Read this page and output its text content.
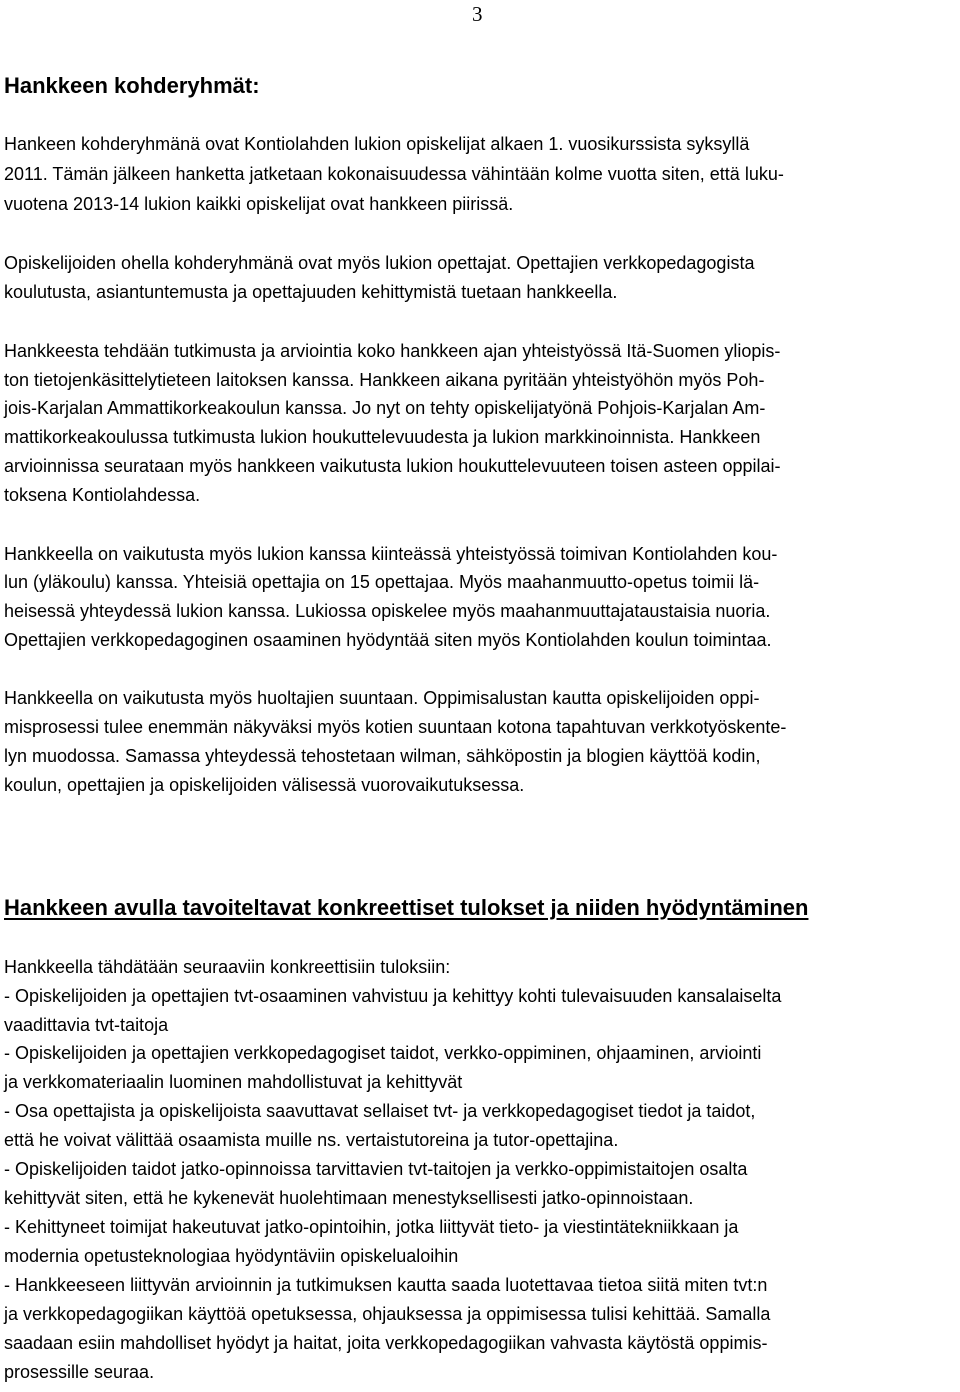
3
Hankkeen kohderyhmät:
Hankeen kohderyhmänä ovat Kontiolahden lukion opiskelijat alkaen 1. vuosikurssista syksyllä
2011. Tämän jälkeen hanketta jatketaan kokonaisuudessa vähintään kolme vuotta siten, että luku-
vuotena 2013-14 lukion kaikki opiskelijat ovat hankkeen piirissä.
Opiskelijoiden ohella kohderyhmänä ovat myös lukion opettajat. Opettajien verkkopedagogista
koulutusta, asiantuntemusta ja opettajuuden kehittymistä tuetaan hankkeella.
Hankkeesta tehdään tutkimusta ja arviointia koko hankkeen ajan yhteistyössä Itä-Suomen yliopis-
ton tietojenkäsittelytieteen laitoksen kanssa. Hankkeen aikana pyritään yhteistyöhön myös Poh-
jois-Karjalan Ammattikorkeakoulun kanssa. Jo nyt on tehty opiskelijatyönä Pohjois-Karjalan Am-
mattikorkeakoulussa tutkimusta lukion houkuttelevuudesta ja lukion markkinoinnista. Hankkeen
arvioinnissa seurataan myös hankkeen vaikutusta lukion houkuttelevuuteen toisen asteen oppilai-
toksena Kontiolahdessa.
Hankkeella on vaikutusta myös lukion kanssa kiinteässä yhteistyössä toimivan Kontiolahden kou-
lun (yläkoulu) kanssa. Yhteisiä opettajia on 15 opettajaa. Myös maahanmuutto-opetus toimii lä-
heisessä yhteydessä lukion kanssa. Lukiossa opiskelee myös maahanmuuttajataustaisia nuoria.
Opettajien verkkopedagoginen osaaminen hyödyntää siten myös Kontiolahden koulun toimintaa.
Hankkeella on vaikutusta myös huoltajien suuntaan. Oppimisalustan kautta opiskelijoiden oppi-
misprosessi tulee enemmän näkyväksi myös kotien suuntaan kotona tapahtuvan verkkotyöskente-
lyn muodossa. Samassa yhteydessä tehostetaan wilman, sähköpostin ja blogien käyttöä kodin,
koulun, opettajien ja opiskelijoiden välisessä vuorovaikutuksessa.
Hankkeen avulla tavoiteltavat konkreettiset tulokset ja niiden hyödyntäminen
Hankkeella tähdätään seuraaviin konkreettisiin tuloksiin:
- Opiskelijoiden ja opettajien tvt-osaaminen vahvistuu ja kehittyy kohti tulevaisuuden kansalaiselta
vaadittavia tvt-taitoja
- Opiskelijoiden ja opettajien verkkopedagogiset taidot, verkko-oppiminen, ohjaaminen, arviointi
ja verkkomateriaalin luominen mahdollistuvat ja kehittyvät
- Osa opettajista ja opiskelijoista saavuttavat sellaiset tvt- ja verkkopedagogiset tiedot ja taidot,
että he voivat välittää osaamista muille ns. vertaistutoreina ja tutor-opettajina.
- Opiskelijoiden taidot jatko-opinnoissa tarvittavien tvt-taitojen ja verkko-oppimistaitojen osalta
kehittyvät siten, että he kykenevät huolehtimaan menestyksellisesti jatko-opinnoistaan.
- Kehittyneet toimijat hakeutuvat jatko-opintoihin, jotka liittyvät tieto- ja viestintätekniikkaan ja
modernia opetusteknologiaa hyödyntäviin opiskelualoihin
- Hankkeeseen liittyvän arvioinnin ja tutkimuksen kautta saada luotettavaa tietoa siitä miten tvt:n
ja verkkopedagogiikan käyttöä opetuksessa, ohjauksessa ja oppimisessa tulisi kehittää. Samalla
saadaan esiin mahdolliset hyödyt ja haitat, joita verkkopedagogiikan vahvasta käytöstä oppimis-
prosessille seuraa.
